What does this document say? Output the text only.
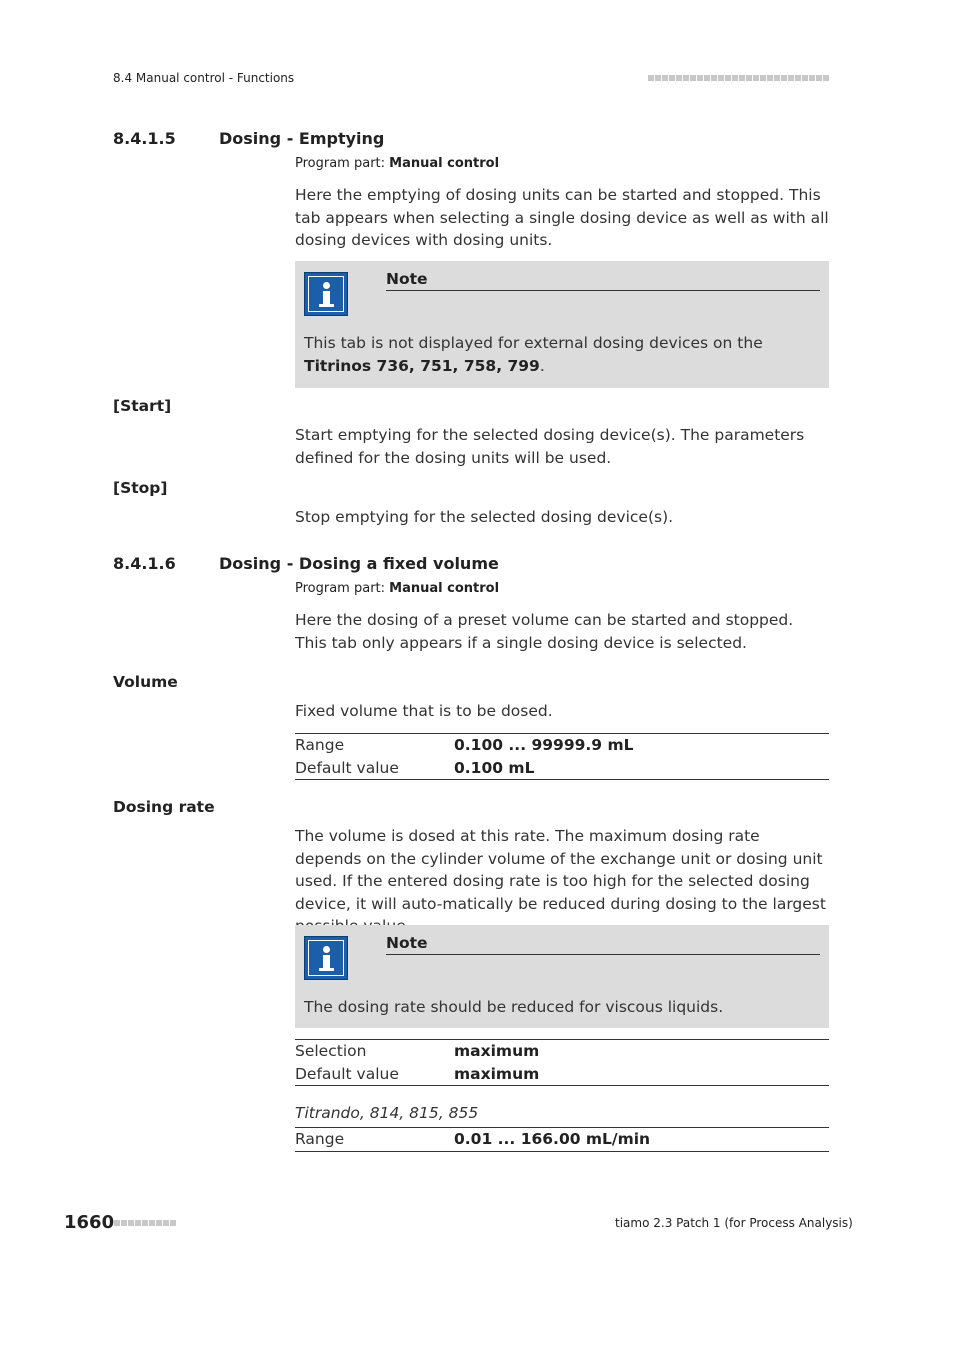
8.4 Manual control - Functions
8.4.1.5	Dosing - Emptying
Program part: Manual control
Here the emptying of dosing units can be started and stopped. This tab appears when selecting a single dosing device as well as with all dosing devices with dosing units.
Note
This tab is not displayed for external dosing devices on the Titrinos 736, 751, 758, 799.
[Start]
Start emptying for the selected dosing device(s). The parameters defined for the dosing units will be used.
[Stop]
Stop emptying for the selected dosing device(s).
8.4.1.6	Dosing - Dosing a fixed volume
Program part: Manual control
Here the dosing of a preset volume can be started and stopped. This tab only appears if a single dosing device is selected.
Volume
Fixed volume that is to be dosed.
Range	0.100 ... 99999.9 mL
Default value	0.100 mL
Dosing rate
The volume is dosed at this rate. The maximum dosing rate depends on the cylinder volume of the exchange unit or dosing unit used. If the entered dosing rate is too high for the selected dosing device, it will auto-matically be reduced during dosing to the largest
Note
The dosing rate should be reduced for viscous liquids.
Selection	maximum
Default value	maximum
Titrando, 814, 815, 855
Range	0.01 ... 166.00 mL/min
1660	tiamo 2.3 Patch 1 (for Process Analysis)
